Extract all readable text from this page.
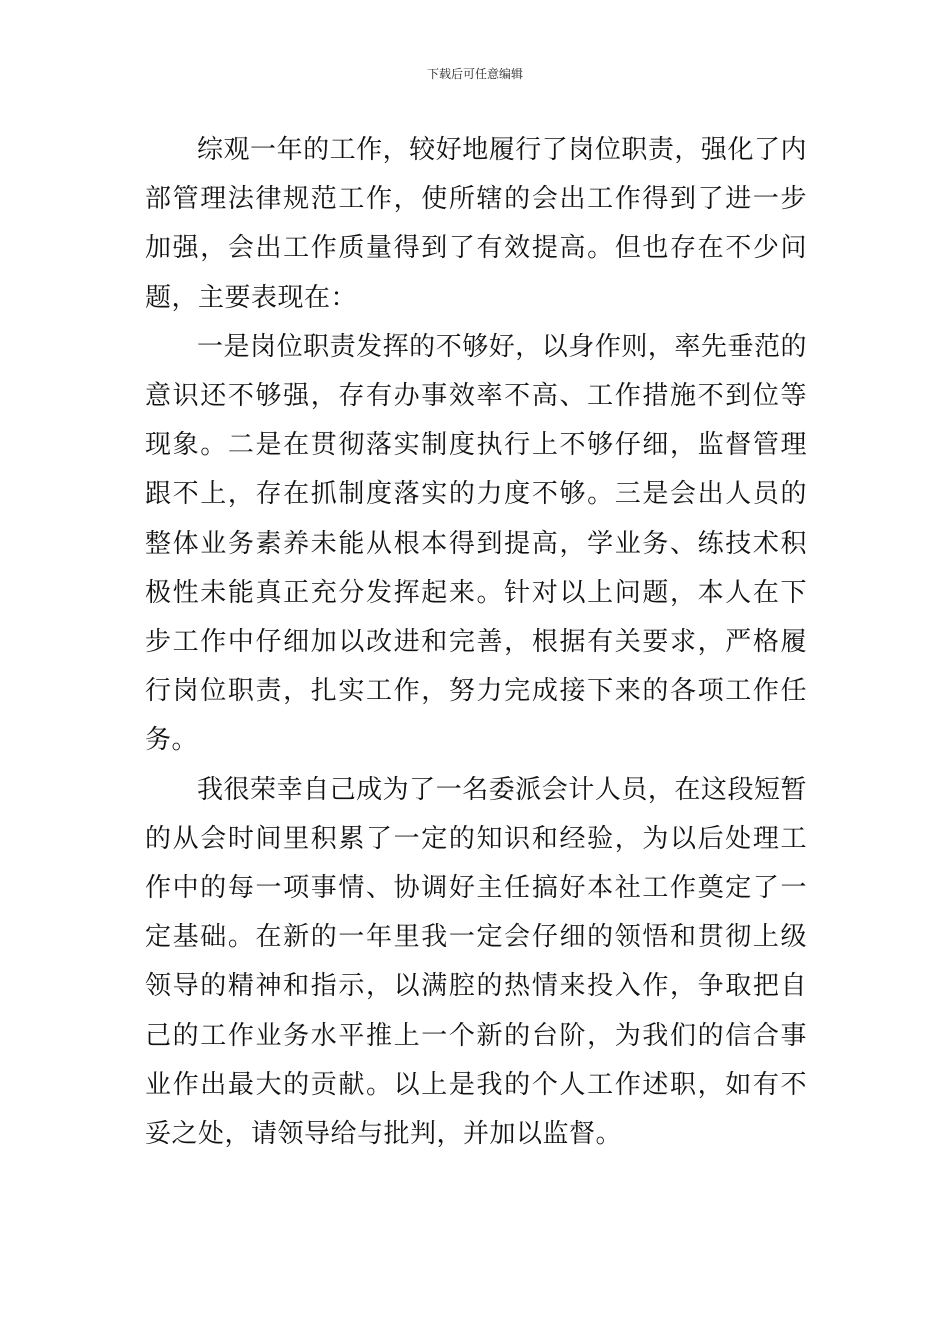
下载后可任意编辑

综观一年的工作，较好地履行了岗位职责，强化了内部管理法律规范工作，使所辖的会出工作得到了进一步加强，会出工作质量得到了有效提高。但也存在不少问题，主要表现在：

一是岗位职责发挥的不够好，以身作则，率先垂范的意识还不够强，存有办事效率不高、工作措施不到位等现象。二是在贯彻落实制度执行上不够仔细，监督管理跟不上，存在抓制度落实的力度不够。三是会出人员的整体业务素养未能从根本得到提高，学业务、练技术积极性未能真正充分发挥起来。针对以上问题，本人在下步工作中仔细加以改进和完善，根据有关要求，严格履行岗位职责，扎实工作，努力完成接下来的各项工作任务。

我很荣幸自己成为了一名委派会计人员，在这段短暂的从会时间里积累了一定的知识和经验，为以后处理工作中的每一项事情、协调好主任搞好本社工作奠定了一定基础。在新的一年里我一定会仔细的领悟和贯彻上级领导的精神和指示，以满腔的热情来投入作，争取把自己的工作业务水平推上一个新的台阶，为我们的信合事业作出最大的贡献。以上是我的个人工作述职，如有不妥之处，请领导给与批判，并加以监督。
